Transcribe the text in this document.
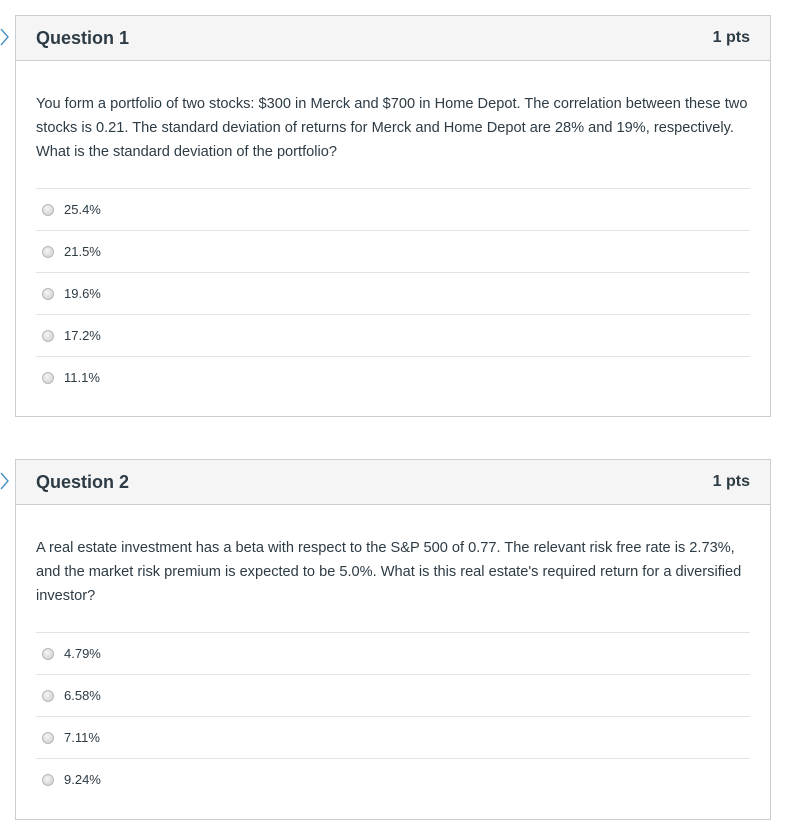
Question 1	1 pts

You form a portfolio of two stocks: $300 in Merck and $700 in Home Depot. The correlation between these two stocks is 0.21. The standard deviation of returns for Merck and Home Depot are 28% and 19%, respectively. What is the standard deviation of the portfolio?

25.4%
21.5%
19.6%
17.2%
11.1%
Question 2	1 pts

A real estate investment has a beta with respect to the S&P 500 of 0.77. The relevant risk free rate is 2.73%, and the market risk premium is expected to be 5.0%. What is this real estate's required return for a diversified investor?

4.79%
6.58%
7.11%
9.24%
